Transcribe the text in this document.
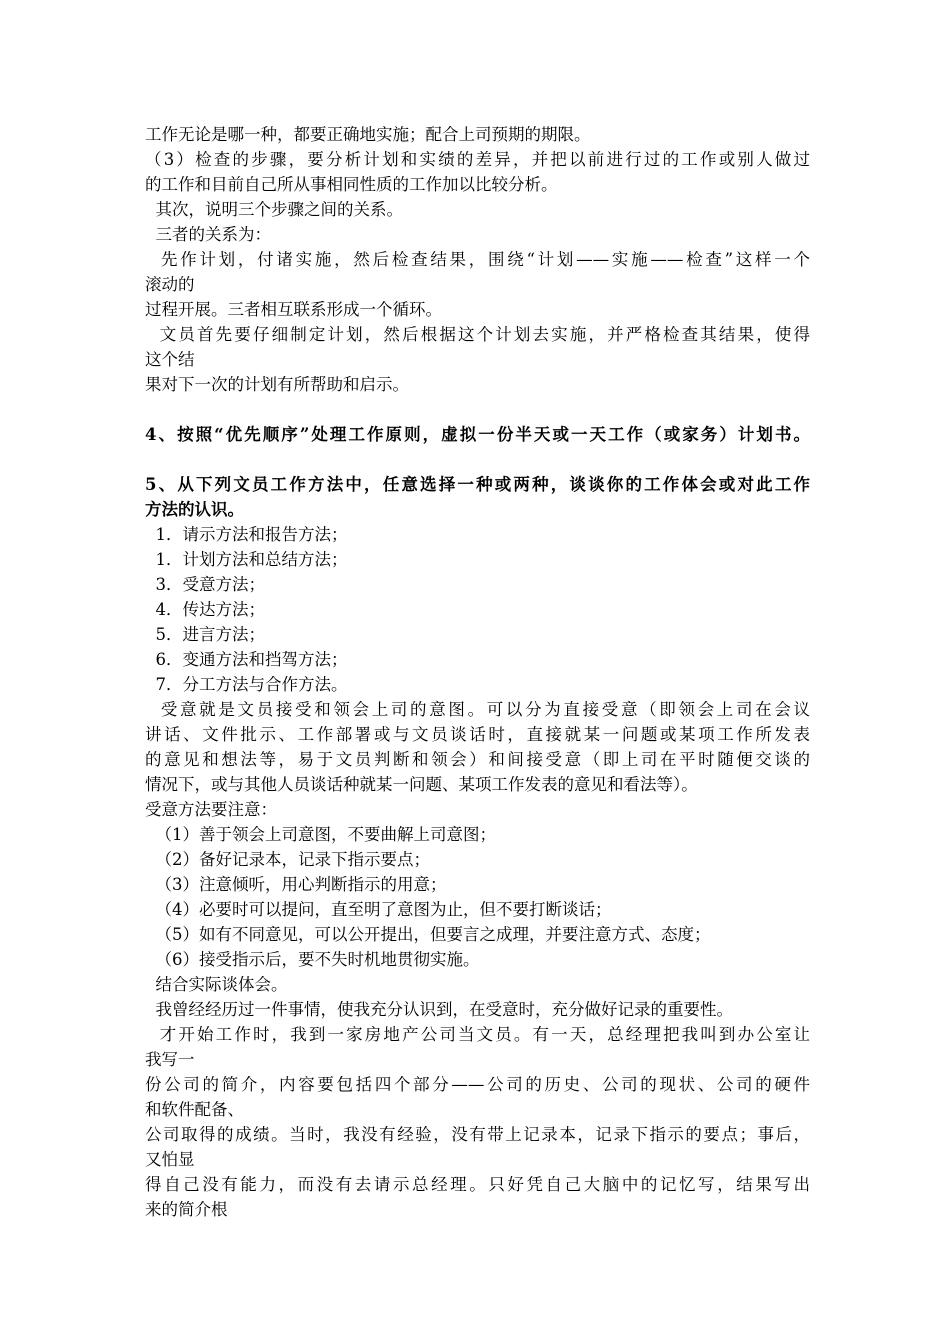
工作无论是哪一种，都要正确地实施；配合上司预期的期限。
（3）检查的步骤，要分析计划和实绩的差异，并把以前进行过的工作或别人做过
的工作和目前自己所从事相同性质的工作加以比较分析。
其次，说明三个步骤之间的关系。
三者的关系为：
先作计划，付诸实施，然后检查结果，围绕“计划——实施——检查”这样一个
滚动的
过程开展。三者相互联系形成一个循环。
文员首先要仔细制定计划，然后根据这个计划去实施，并严格检查其结果，使得
这个结
果对下一次的计划有所帮助和启示。
4、按照“优先顺序”处理工作原则，虚拟一份半天或一天工作（或家务）计划书。
5、从下列文员工作方法中，任意选择一种或两种，谈谈你的工作体会或对此工作
方法的认识。
1．请示方法和报告方法；
1．计划方法和总结方法；
3．受意方法；
4．传达方法；
5．进言方法；
6．变通方法和挡驾方法；
7．分工方法与合作方法。
受意就是文员接受和领会上司的意图。可以分为直接受意（即领会上司在会议
讲话、文件批示、工作部署或与文员谈话时，直接就某一问题或某项工作所发表
的意见和想法等，易于文员判断和领会）和间接受意（即上司在平时随便交谈的
情况下，或与其他人员谈话种就某一问题、某项工作发表的意见和看法等）。
受意方法要注意：
（1）善于领会上司意图，不要曲解上司意图；
（2）备好记录本，记录下指示要点；
（3）注意倾听，用心判断指示的用意；
（4）必要时可以提问，直至明了意图为止，但不要打断谈话；
（5）如有不同意见，可以公开提出，但要言之成理，并要注意方式、态度；
（6）接受指示后，要不失时机地贯彻实施。
结合实际谈体会。
我曾经经历过一件事情，使我充分认识到，在受意时，充分做好记录的重要性。
才开始工作时，我到一家房地产公司当文员。有一天，总经理把我叫到办公室让
我写一
份公司的简介，内容要包括四个部分——公司的历史、公司的现状、公司的硬件
和软件配备、
公司取得的成绩。当时，我没有经验，没有带上记录本，记录下指示的要点；事后，
又怕显
得自己没有能力，而没有去请示总经理。只好凭自己大脑中的记忆写，结果写出
来的简介根
